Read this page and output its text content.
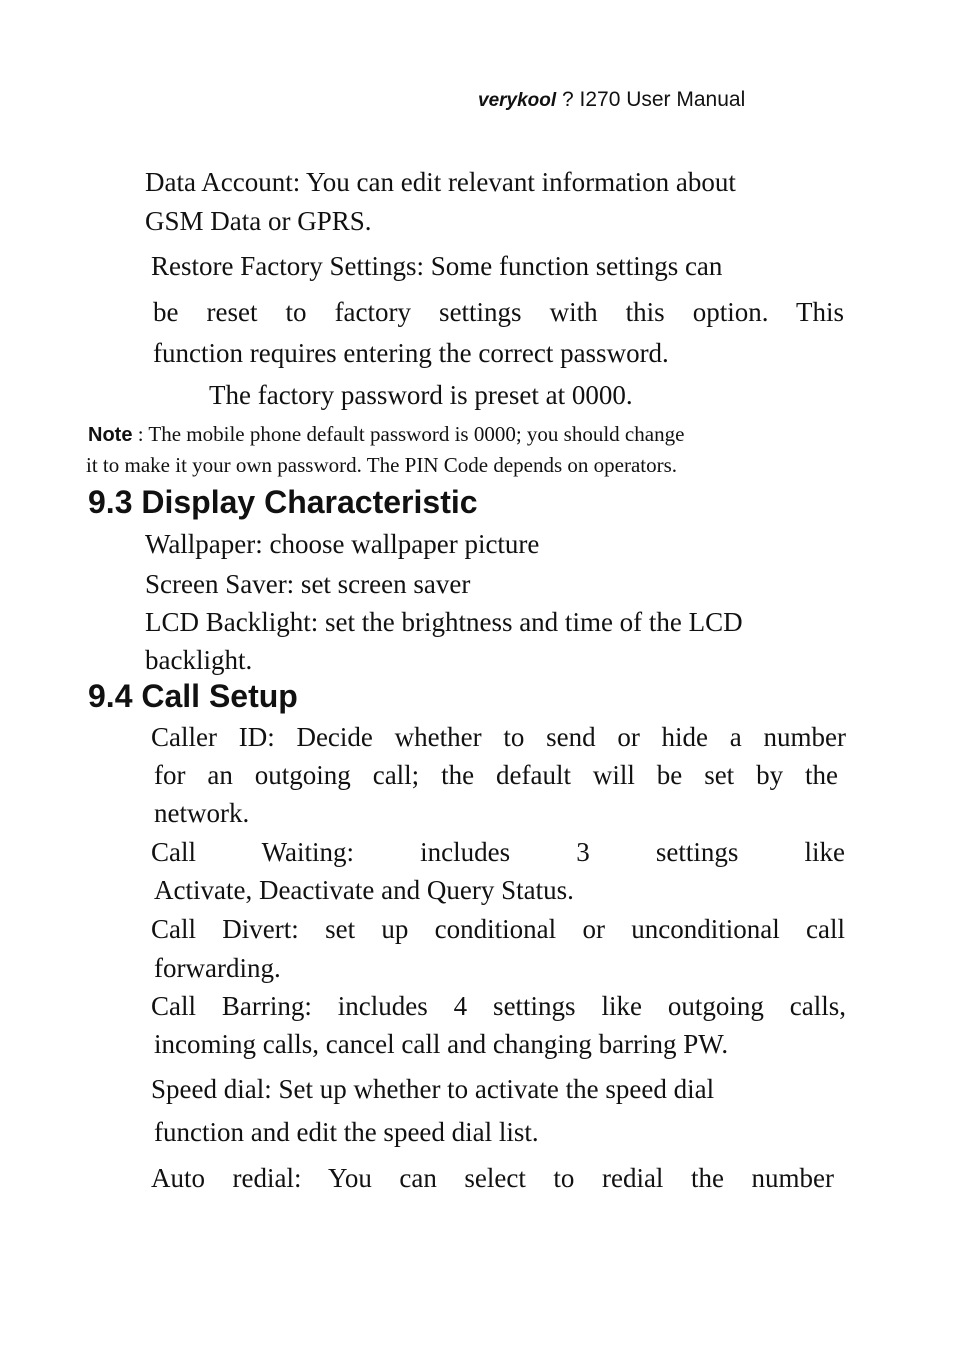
verykool ? I270 User Manual
Data Account: You can edit relevant information about
GSM Data or GPRS.
Restore Factory Settings: Some function settings can
be reset to factory settings with this option. This
function requires entering the correct password.
The factory password is preset at 0000.
Note : The mobile phone default password is 0000; you should change
it to make it your own password. The PIN Code depends on operators.
9.3 Display Characteristic
Wallpaper: choose wallpaper picture
Screen Saver: set screen saver
LCD Backlight: set the brightness and time of the LCD
backlight.
9.4 Call Setup
Caller ID: Decide whether to send or hide a number
for an outgoing call; the default will be set by the
network.
Call Waiting: includes 3 settings like
Activate, Deactivate and Query Status.
Call Divert: set up conditional or unconditional call
forwarding.
Call Barring: includes 4 settings like outgoing calls,
incoming calls, cancel call and changing barring PW.
Speed dial: Set up whether to activate the speed dial
function and edit the speed dial list.
Auto redial: You can select to redial the number
